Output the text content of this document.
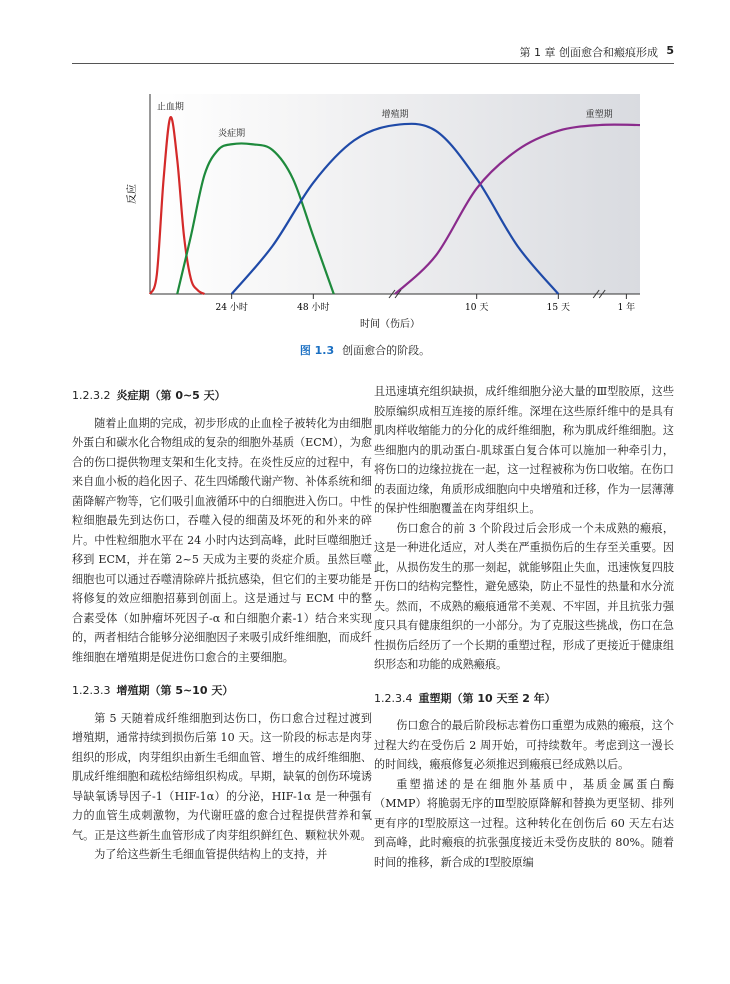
第 1 章 创面愈合和瘢痕形成 5
止血期
炎症期
增殖期	重塑期
24 小时	48 小时	10 天	15 天	1 年
反应
时间（伤后）
图 1.3 创面愈合的阶段。
1.2.3.2 炎症期（第 0~5 天）

随着止血期的完成，初步形成的止血栓子被转化为由细胞外蛋白和碳水化合物组成的复杂的细胞外基质（ECM），为愈合的伤口提供物理支架和生化支持。在炎性反应的过程中，有来自血小板的趋化因子、花生四烯酸代谢产物、补体系统和细菌降解产物等，它们吸引血液循环中的白细胞进入伤口。中性粒细胞最先到达伤口，吞噬入侵的细菌及坏死的和外来的碎片。中性粒细胞水平在 24 小时内达到高峰，此时巨噬细胞迁移到 ECM，并在第 2~5 天成为主要的炎症介质。虽然巨噬细胞也可以通过吞噬清除碎片抵抗感染，但它们的主要功能是将修复的效应细胞招募到创面上。这是通过与 ECM 中的整合素受体（如肿瘤坏死因子-α 和白细胞介素-1）结合来实现的，两者相结合能够分泌细胞因子来吸引成纤维细胞，而成纤维细胞在增殖期是促进伤口愈合的主要细胞。

1.2.3.3 增殖期（第 5~10 天）

第 5 天随着成纤维细胞到达伤口，伤口愈合过程过渡到增殖期，通常持续到损伤后第 10 天。这一阶段的标志是肉芽组织的形成，肉芽组织由新生毛细血管、增生的成纤维细胞、肌成纤维细胞和疏松结缔组织构成。早期，缺氧的创伤环境诱导缺氧诱导因子-1（HIF-1α）的分泌，HIF-1α 是一种强有力的血管生成刺激物，为代谢旺盛的愈合过程提供营养和氧气。正是这些新生血管形成了肉芽组织鲜红色、颗粒状外观。

为了给这些新生毛细血管提供结构上的支持，并

且迅速填充组织缺损，成纤维细胞分泌大量的Ⅲ型胶原，这些胶原编织成相互连接的原纤维。深埋在这些原纤维中的是具有肌肉样收缩能力的分化的成纤维细胞，称为肌成纤维细胞。这些细胞内的肌动蛋白-肌球蛋白复合体可以施加一种牵引力，将伤口的边缘拉拢在一起，这一过程被称为伤口收缩。在伤口的表面边缘，角质形成细胞向中央增殖和迁移，作为一层薄薄的保护性细胞覆盖在肉芽组织上。

伤口愈合的前 3 个阶段过后会形成一个未成熟的瘢痕，这是一种进化适应，对人类在严重损伤后的生存至关重要。因此，从损伤发生的那一刻起，就能够阻止失血，迅速恢复四肢开伤口的结构完整性，避免感染，防止不显性的热量和水分流失。然而，不成熟的瘢痕通常不美观、不牢固，并且抗张力强度只具有健康组织的一小部分。为了克服这些挑战，伤口在急性损伤后经历了一个长期的重塑过程，形成了更接近于健康组织形态和功能的成熟瘢痕。

1.2.3.4 重塑期（第 10 天至 2 年）

伤口愈合的最后阶段标志着伤口重塑为成熟的瘢痕，这个过程大约在受伤后 2 周开始，可持续数年。考虑到这一漫长的时间线，瘢痕修复必须推迟到瘢痕已经成熟以后。

重塑描述的是在细胞外基质中，基质金属蛋白酶（MMP）将脆弱无序的Ⅲ型胶原降解和替换为更坚韧、排列更有序的Ⅰ型胶原这一过程。这种转化在创伤后 60 天左右达到高峰，此时瘢痕的抗张强度接近未受伤皮肤的 80%。随着时间的推移，新合成的Ⅰ型胶原编
